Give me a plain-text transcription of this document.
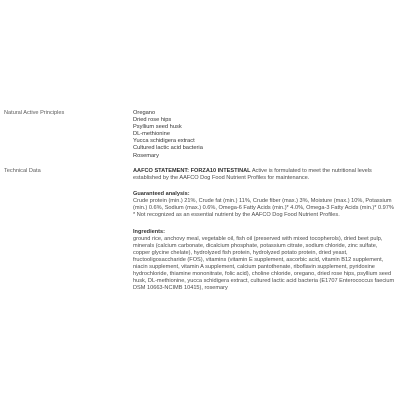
Natural Active Principles	Oregano
Dried rose hips
Psyllium seed husk
DL-methionine
Yucca schidigera extract
Cultured lactic acid bacteria
Rosemary
Technical Data	AAFCO STATEMENT: FORZA10 INTESTINAL Active is formulated to meet the nutritional levels established by the AAFCO Dog Food Nutrient Profiles for maintenance.

Guaranteed analysis:

Crude protein (min.) 21%, Crude fat (min.) 11%, Crude fiber (max.) 3%, Moisture (max.) 10%, Potassium (min.) 0.6%, Sodium (max.) 0.6%, Omega-6 Fatty Acids (min.)* 4.0%, Omega-3 Fatty Acids (min.)* 0.97%

* Not recognized as an essential nutrient by the AAFCO Dog Food Nutrient Profiles.

Ingredients:

ground rice, anchovy meal, vegetable oil, fish oil (preserved with mixed tocopherols), dried beet pulp, minerals (calcium carbonate, dicalcium phosphate, potassium citrate, sodium chloride, zinc sulfate, copper glycine chelate), hydrolyzed fish protein, hydrolyzed potato protein, dried yeast, fructooligosaccharide (FOS), vitamins (vitamin E supplement, ascorbic acid, vitamin B12 supplement, niacin supplement, vitamin A supplement, calcium pantothenate, riboflavin supplement, pyridoxine hydrochloride, thiamine mononitrate, folic acid), choline chloride, oregano, dried rose hips, psyllium seed husk, DL-methionine, yucca schidigera extract, cultured lactic acid bacteria (E1707 Enterococcus faecium DSM 10663-NCIMB 10415), rosemary
